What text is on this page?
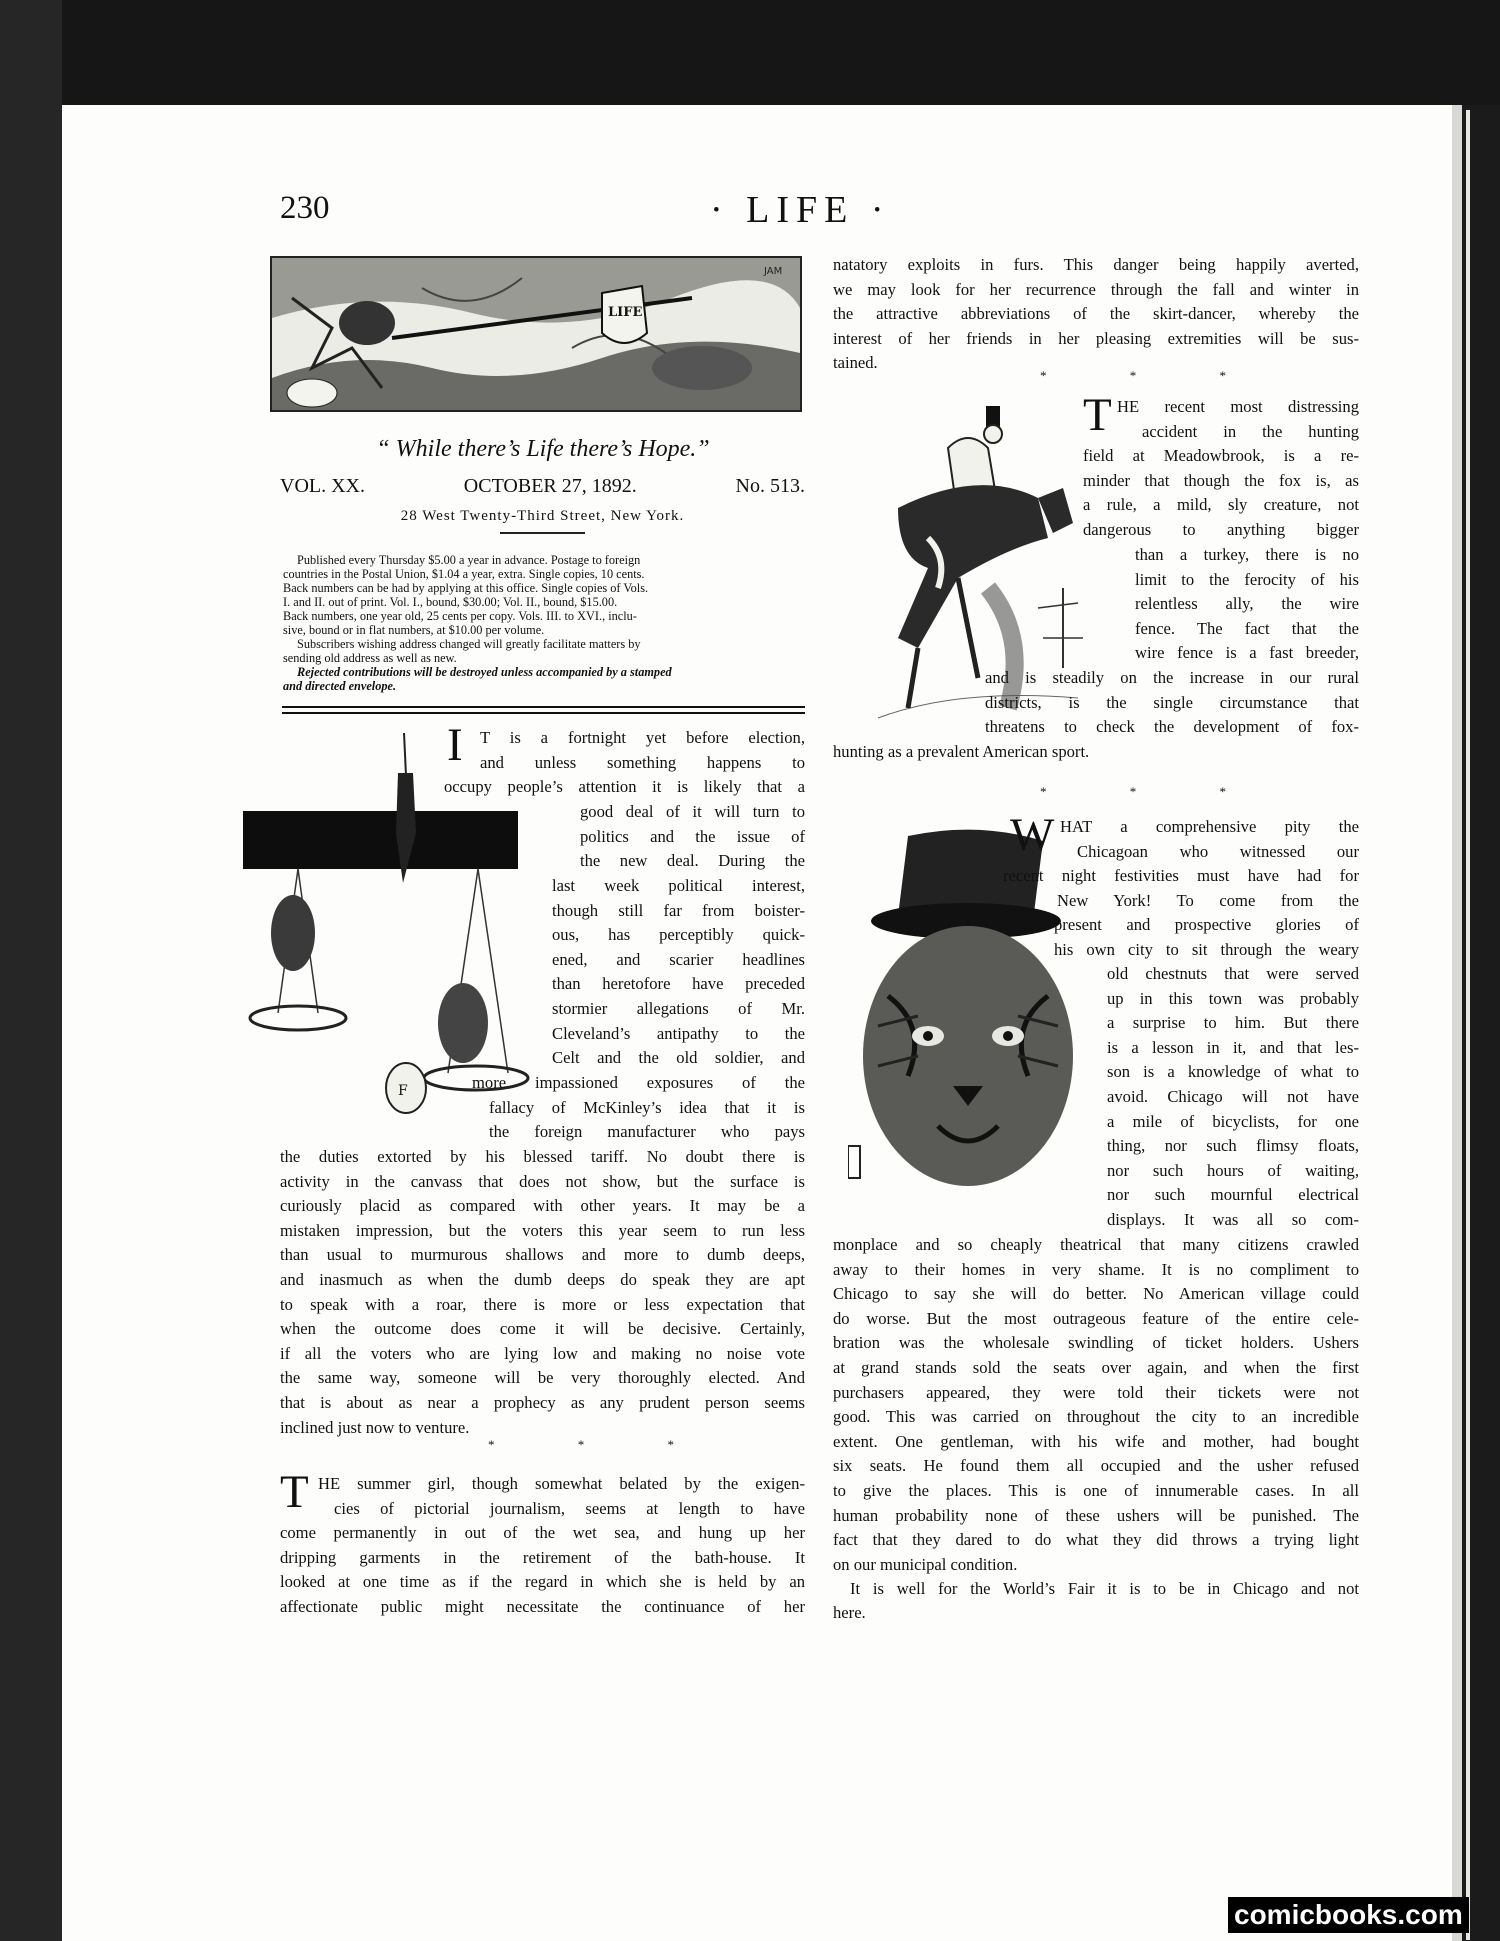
230	· LIFE ·

LIFE
JAM

“ While there’s Life there’s Hope.”

VOL. XX.	OCTOBER 27, 1892.	No. 513.

28 West Twenty-Third Street, New York.

Published every Thursday $5.00 a year in advance. Postage to foreign

countries in the Postal Union, $1.04 a year, extra. Single copies, 10 cents.

Back numbers can be had by applying at this office. Single copies of Vols.

I. and II. out of print. Vol. I., bound, $30.00; Vol. II., bound, $15.00.

Back numbers, one year old, 25 cents per copy. Vols. III. to XVI., inclu-

sive, bound or in flat numbers, at $10.00 per volume.

Subscribers wishing address changed will greatly facilitate matters by

sending old address as well as new.

Rejected contributions will be destroyed unless accompanied by a stamped

and directed envelope.

F
I T is a fortnight yet before election,
and unless something happens to
occupy people’s attention it is likely that a
good deal of it will turn to
politics and the issue of
the new deal. During the
last week political interest,
though still far from boister-
ous, has perceptibly quick-
ened, and scarier headlines
than heretofore have preceded
stormier allegations of Mr.
Cleveland’s antipathy to the
Celt and the old soldier, and
more impassioned exposures of the
fallacy of McKinley’s idea that it is
the foreign manufacturer who pays
the duties extorted by his blessed tariff. No doubt there is
activity in the canvass that does not show, but the surface is
curiously placid as compared with other years. It may be a
mistaken impression, but the voters this year seem to run less
than usual to murmurous shallows and more to dumb deeps,
and inasmuch as when the dumb deeps do speak they are apt
to speak with a roar, there is more or less expectation that
when the outcome does come it will be decisive. Certainly,
if all the voters who are lying low and making no noise vote
the same way, someone will be very thoroughly elected. And
that is about as near a prophecy as any prudent person seems
inclined just now to venture.
* * *
T HE summer girl, though somewhat belated by the exigen-
cies of pictorial journalism, seems at length to have
come permanently in out of the wet sea, and hung up her
dripping garments in the retirement of the bath-house. It
looked at one time as if the regard in which she is held by an
affectionate public might necessitate the continuance of her
natatory exploits in furs. This danger being happily averted,
we may look for her recurrence through the fall and winter in
the attractive abbreviations of the skirt-dancer, whereby the
interest of her friends in her pleasing extremities will be sus-
tained.
* * *
T HE recent most distressing
accident in the hunting
field at Meadowbrook, is a re-
minder that though the fox is, as
a rule, a mild, sly creature, not
dangerous to anything bigger
than a turkey, there is no
limit to the ferocity of his
relentless ally, the wire
fence. The fact that the
wire fence is a fast breeder,
and is steadily on the increase in our rural
districts, is the single circumstance that
threatens to check the development of fox-
hunting as a prevalent American sport.
* * *
W HAT a comprehensive pity the
Chicagoan who witnessed our
recent night festivities must have had for
New York! To come from the
present and prospective glories of
his own city to sit through the weary
old chestnuts that were served
up in this town was probably
a surprise to him. But there
is a lesson in it, and that les-
son is a knowledge of what to
avoid. Chicago will not have
a mile of bicyclists, for one
thing, nor such flimsy floats,
nor such hours of waiting,
nor such mournful electrical
displays. It was all so com-
monplace and so cheaply theatrical that many citizens crawled
away to their homes in very shame. It is no compliment to
Chicago to say she will do better. No American village could
do worse. But the most outrageous feature of the entire cele-
bration was the wholesale swindling of ticket holders. Ushers
at grand stands sold the seats over again, and when the first
purchasers appeared, they were told their tickets were not
good. This was carried on throughout the city to an incredible
extent. One gentleman, with his wife and mother, had bought
six seats. He found them all occupied and the usher refused
to give the places. This is one of innumerable cases. In all
human probability none of these ushers will be punished. The
fact that they dared to do what they did throws a trying light
on our municipal condition.
It is well for the World’s Fair it is to be in Chicago and not
here.
comicbooks.com
